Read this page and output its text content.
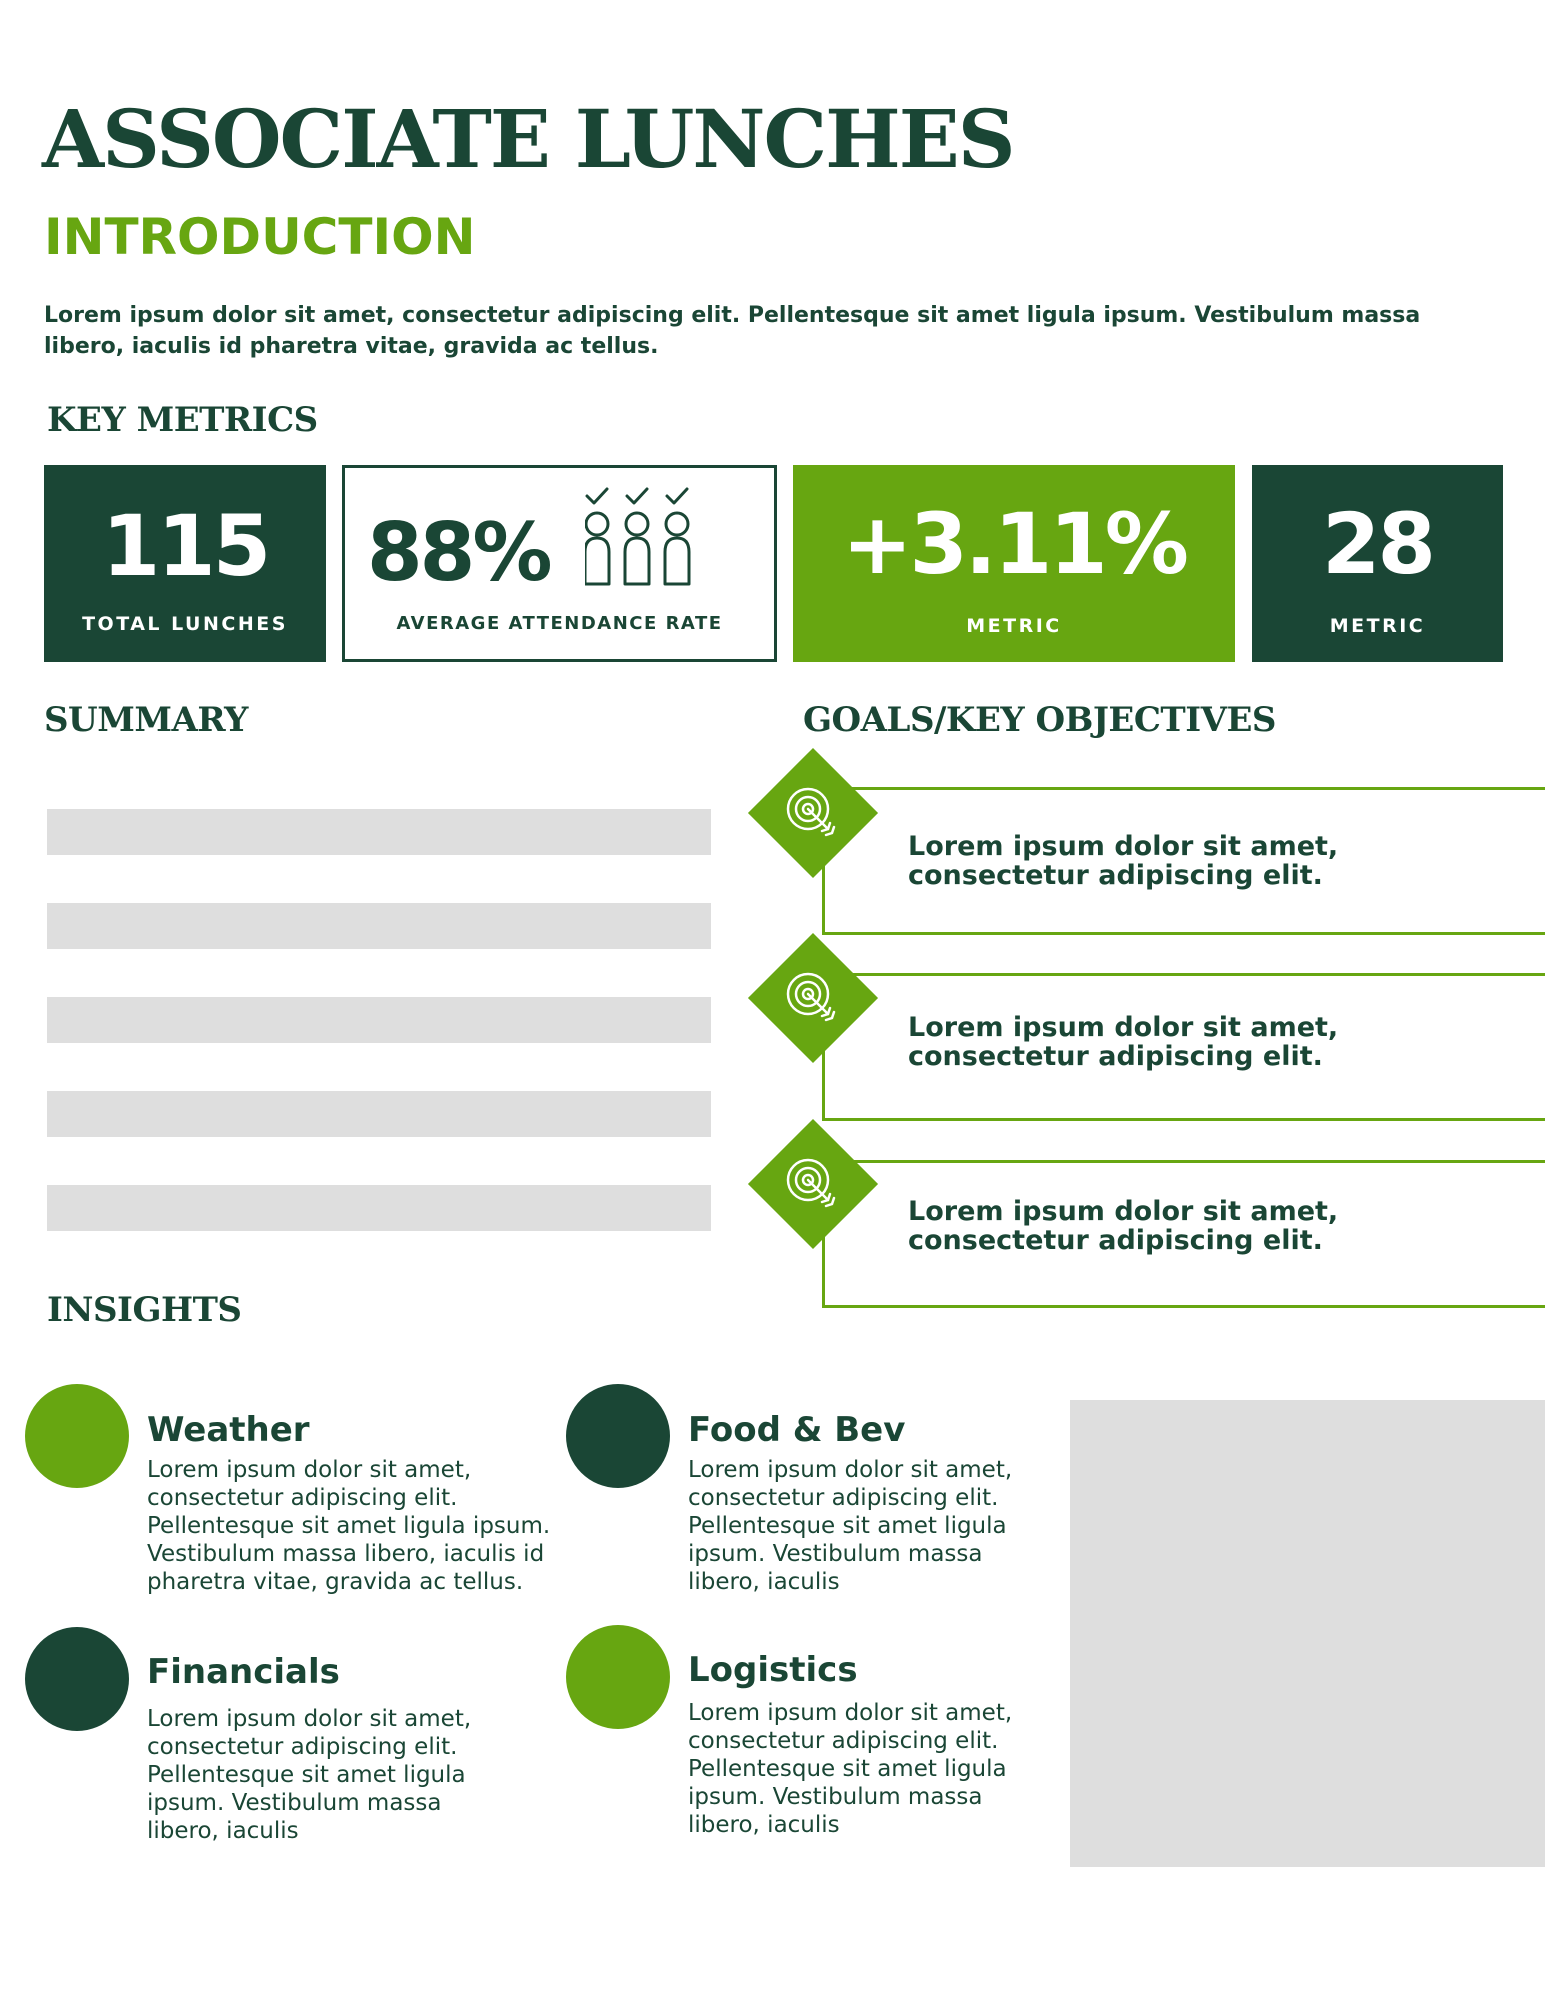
ASSOCIATE LUNCHES
INTRODUCTION

Lorem ipsum dolor sit amet, consectetur adipiscing elit. Pellentesque sit amet ligula ipsum. Vestibulum massa libero, iaculis id pharetra vitae, gravida ac tellus.

KEY METRICS
115
TOTAL LUNCHES
88%
AVERAGE ATTENDANCE RATE
+3.11%
METRIC
28
METRIC
SUMMARY	GOALS/KEY OBJECTIVES

Lorem ipsum dolor sit amet, consectetur adipiscing elit.

Lorem ipsum dolor sit amet, consectetur adipiscing elit.

Lorem ipsum dolor sit amet, consectetur adipiscing elit.

INSIGHTS
Weather

Lorem ipsum dolor sit amet, consectetur adipiscing elit. Pellentesque sit amet ligula ipsum. Vestibulum massa libero, iaculis id pharetra vitae, gravida ac tellus.

Food & Bev

Lorem ipsum dolor sit amet, consectetur adipiscing elit. Pellentesque sit amet ligula ipsum. Vestibulum massa libero, iaculis

Financials

Lorem ipsum dolor sit amet, consectetur adipiscing elit. Pellentesque sit amet ligula ipsum. Vestibulum massa libero, iaculis

Logistics

Lorem ipsum dolor sit amet, consectetur adipiscing elit. Pellentesque sit amet ligula ipsum. Vestibulum massa libero, iaculis
